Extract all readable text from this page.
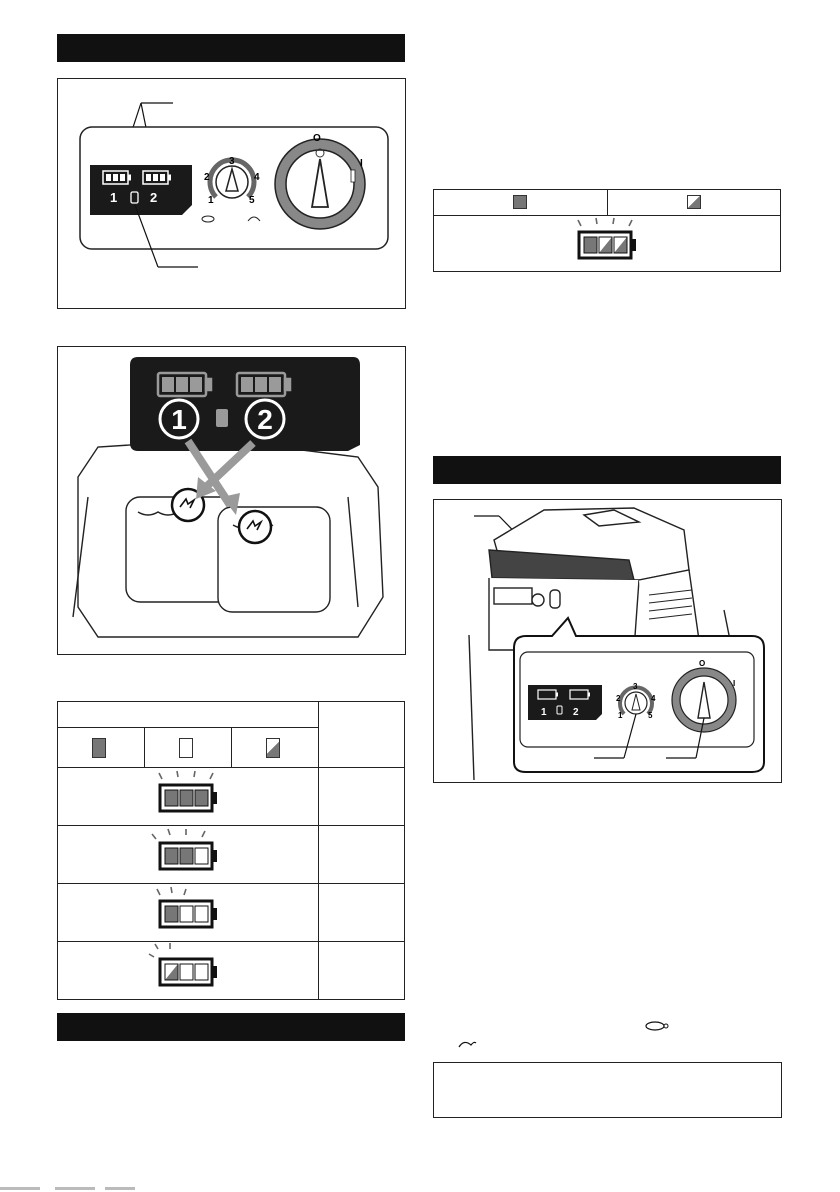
1	2
3
2	4
1	5
O
I
1	2

1	2
3
2	4
1	5
O
I
